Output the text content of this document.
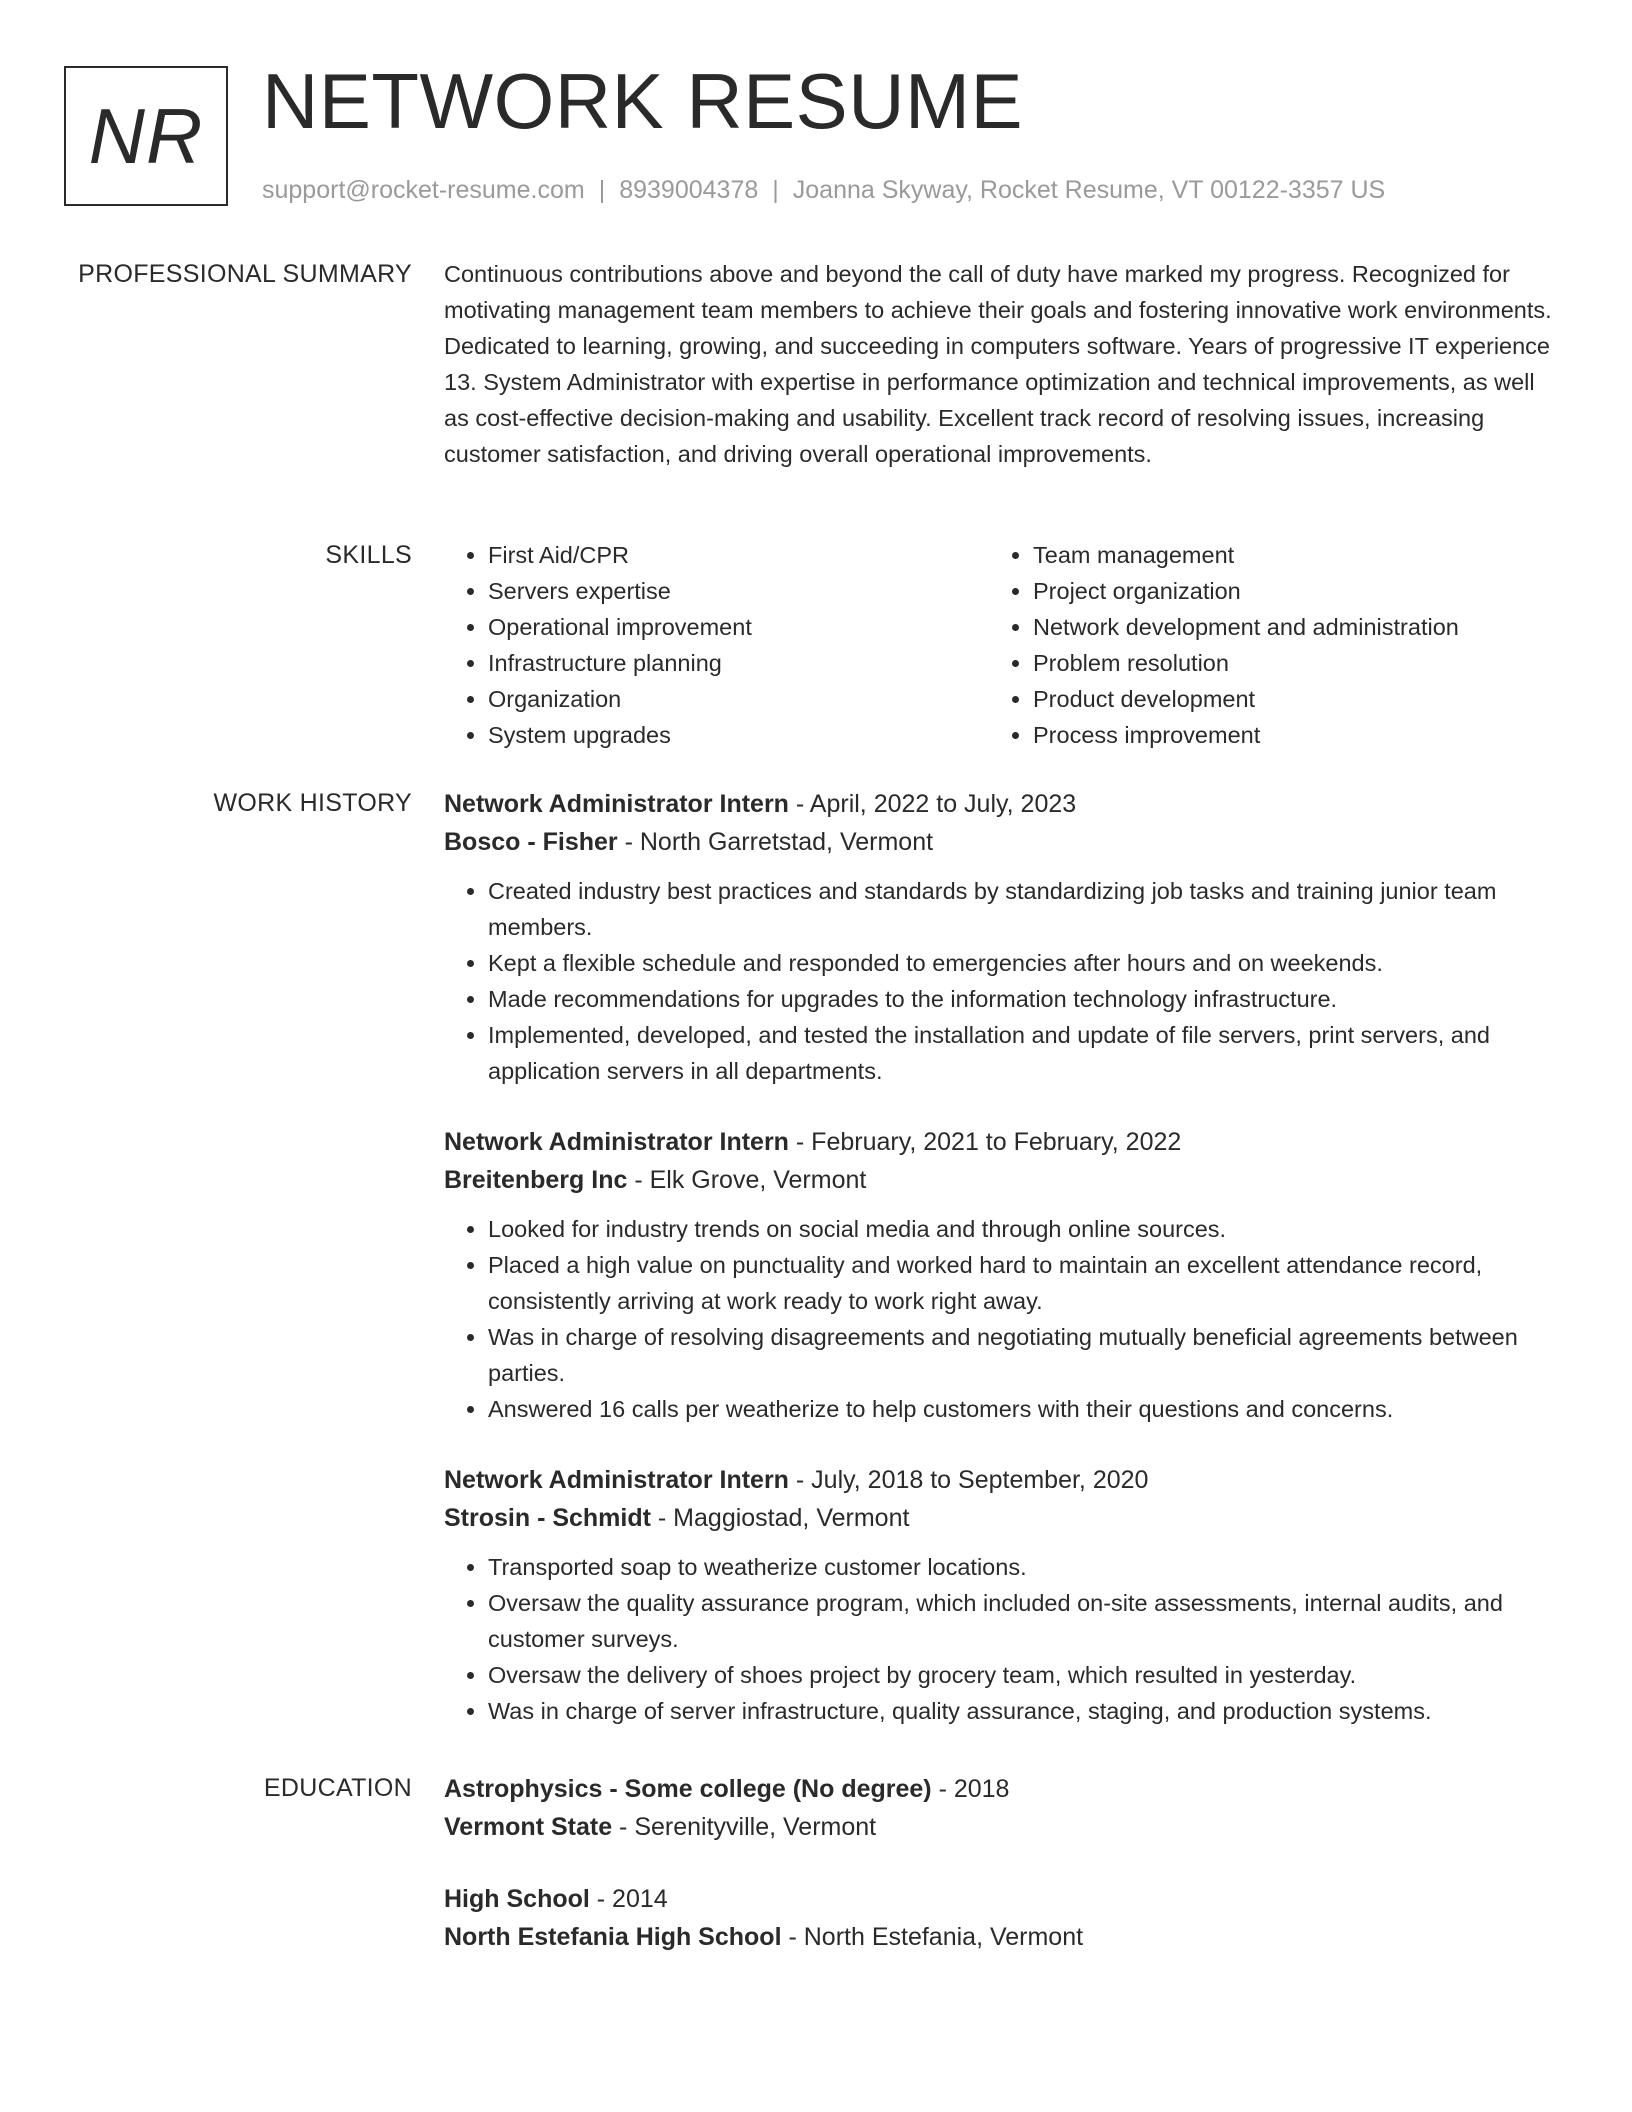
NR NETWORK RESUME
support@rocket-resume.com | 8939004378 | Joanna Skyway, Rocket Resume, VT 00122-3357 US
PROFESSIONAL SUMMARY Continuous contributions above and beyond the call of duty have marked my progress. Recognized for motivating management team members to achieve their goals and fostering innovative work environments. Dedicated to learning, growing, and succeeding in computers software. Years of progressive IT experience 13. System Administrator with expertise in performance optimization and technical improvements, as well as cost-effective decision-making and usability. Excellent track record of resolving issues, increasing customer satisfaction, and driving overall operational improvements.

SKILLS
•	First Aid/CPR
• Servers expertise
• Operational improvement
• Infrastructure planning
• Organization
• System upgrades
• Team management
• Project organization
• Network development and administration
• Problem resolution
• Product development
• Process improvement
WORK HISTORY Network Administrator Intern - April, 2022 to July, 2023
Bosco - Fisher - North Garretstad, Vermont
• Created industry best practices and standards by standardizing job tasks and training junior team members.
• Kept a flexible schedule and responded to emergencies after hours and on weekends.
• Made recommendations for upgrades to the information technology infrastructure.
• Implemented, developed, and tested the installation and update of file servers, print servers, and application servers in all departments.
Network Administrator Intern - February, 2021 to February, 2022
Breitenberg Inc - Elk Grove, Vermont
• Looked for industry trends on social media and through online sources.
• Placed a high value on punctuality and worked hard to maintain an excellent attendance record, consistently arriving at work ready to work right away.
• Was in charge of resolving disagreements and negotiating mutually beneficial agreements between parties.
• Answered 16 calls per weatherize to help customers with their questions and concerns.
Network Administrator Intern - July, 2018 to September, 2020
Strosin - Schmidt - Maggiostad, Vermont
• Transported soap to weatherize customer locations.
• Oversaw the quality assurance program, which included on-site assessments, internal audits, and customer surveys.
• Oversaw the delivery of shoes project by grocery team, which resulted in yesterday.
• Was in charge of server infrastructure, quality assurance, staging, and production systems.
EDUCATION Astrophysics - Some college (No degree) - 2018
Vermont State - Serenityville, Vermont
High School - 2014
North Estefania High School - North Estefania, Vermont
